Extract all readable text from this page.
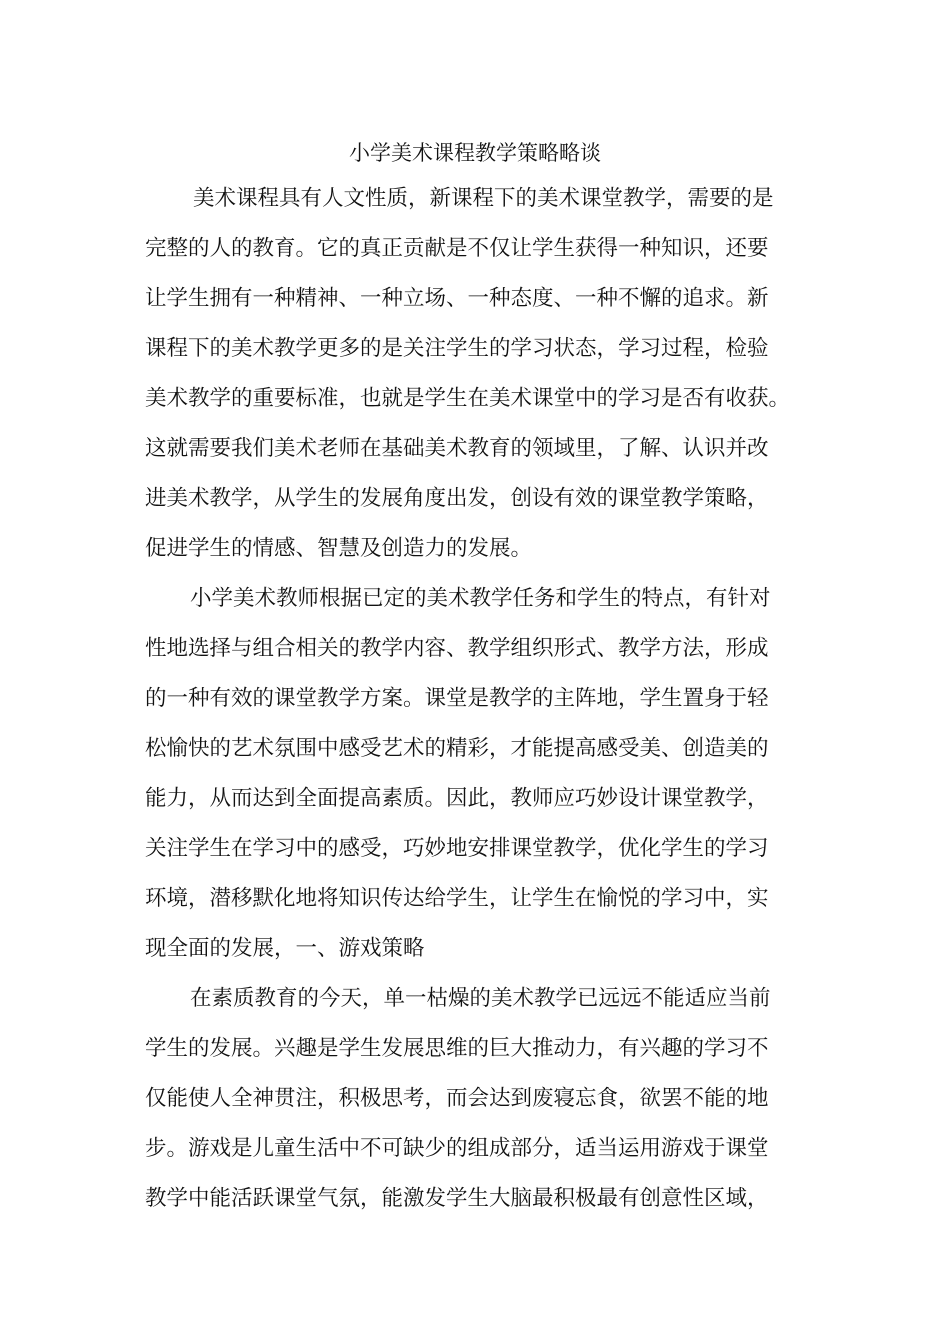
小学美术课程教学策略略谈
美术课程具有人文性质，新课程下的美术课堂教学，需要的是
完整的人的教育。它的真正贡献是不仅让学生获得一种知识，还要
让学生拥有一种精神、一种立场、一种态度、一种不懈的追求。新
课程下的美术教学更多的是关注学生的学习状态，学习过程，检验
美术教学的重要标准，也就是学生在美术课堂中的学习是否有收获。
这就需要我们美术老师在基础美术教育的领域里，了解、认识并改
进美术教学，从学生的发展角度出发，创设有效的课堂教学策略，
促进学生的情感、智慧及创造力的发展。
小学美术教师根据已定的美术教学任务和学生的特点，有针对
性地选择与组合相关的教学内容、教学组织形式、教学方法，形成
的一种有效的课堂教学方案。课堂是教学的主阵地，学生置身于轻
松愉快的艺术氛围中感受艺术的精彩，才能提高感受美、创造美的
能力，从而达到全面提高素质。因此，教师应巧妙设计课堂教学，
关注学生在学习中的感受，巧妙地安排课堂教学，优化学生的学习
环境，潜移默化地将知识传达给学生，让学生在愉悦的学习中，实
现全面的发展，一、游戏策略
在素质教育的今天，单一枯燥的美术教学已远远不能适应当前
学生的发展。兴趣是学生发展思维的巨大推动力，有兴趣的学习不
仅能使人全神贯注，积极思考，而会达到废寝忘食，欲罢不能的地
步。游戏是儿童生活中不可缺少的组成部分，适当运用游戏于课堂
教学中能活跃课堂气氛，能激发学生大脑最积极最有创意性区域，
